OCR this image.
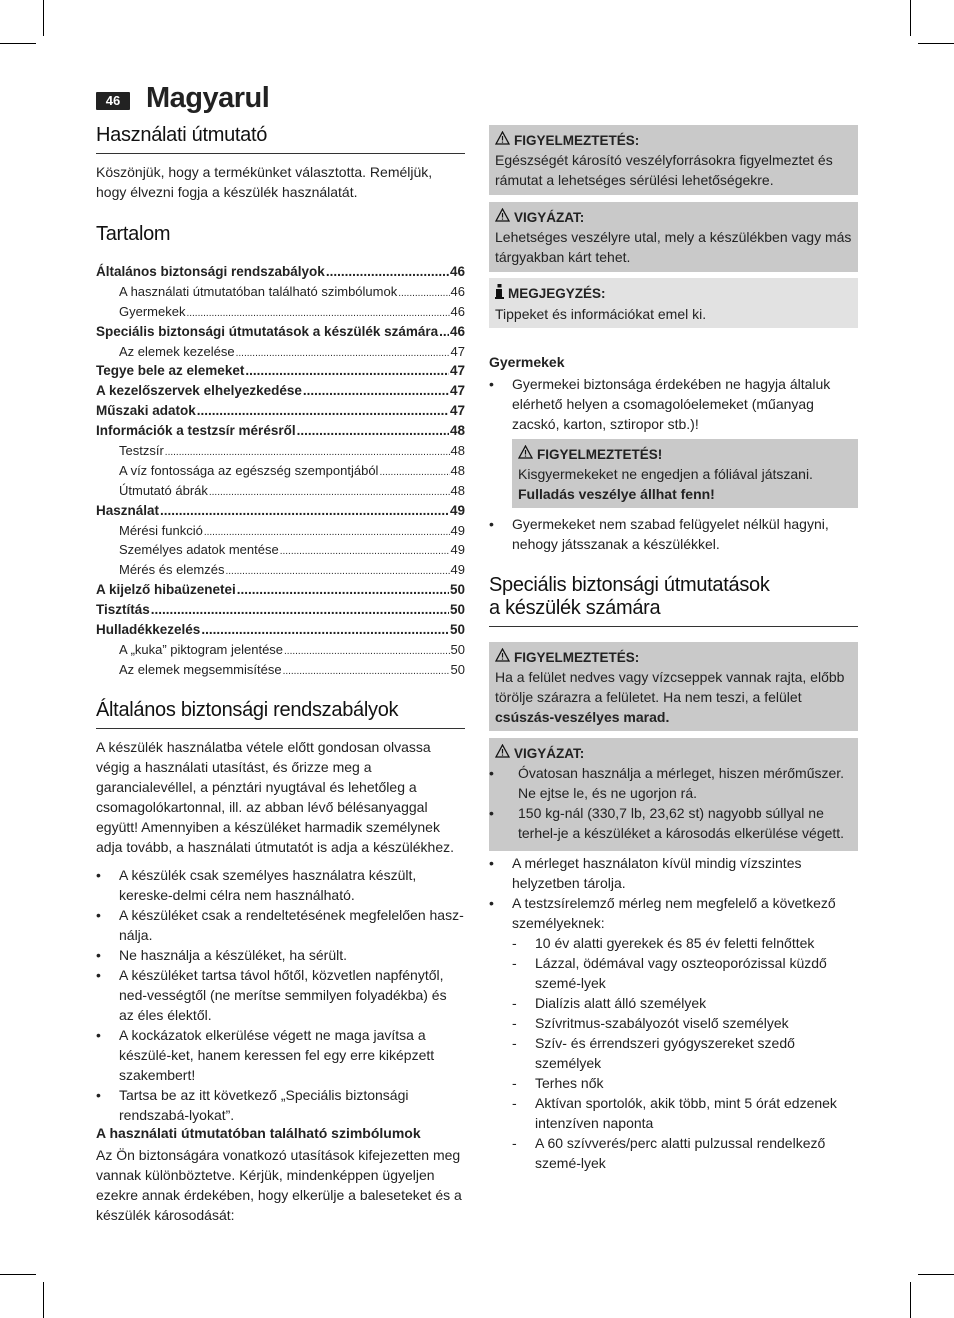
46 Magyarul
Használati útmutató

Köszönjük, hogy a termékünket választotta. Reméljük, hogy élvezni fogja a készülék használatát.

Tartalom
Általános biztonsági rendszabályok .....	46
A használati útmutatóban található szimbólumok .....	46
Gyermekek .....	46
Speciális biztonsági útmutatások a készülék számára ..... 46
Az elemek kezelése .....	47
Tegye bele az elemeket .....	47
A kezelőszervek elhelyezkedése .....	47
Műszaki adatok .....	47
Információk a testzsír mérésről .....	48
Testzsír .....	48
A víz fontossága az egészség szempontjából .....	48
Útmutató ábrák .....	48
Használat .....	49
Mérési funkció .....	49
Személyes adatok mentése .....	49
Mérés és elemzés .....	49
A kijelző hibaüzenetei .....	50
Tisztítás .....	50
Hulladékkezelés .....	50
A „kuka” piktogram jelentése .....	50
Az elemek megsemmisítése .....	50
Általános biztonsági rendszabályok

A készülék használatba vétele előtt gondosan olvassa végig a használati utasítást, és őrizze meg a garancialevéllel, a pénztári nyugtával és lehetőleg a csomagolókartonnal, ill. az abban lévő bélésanyaggal együtt! Amennyiben a készüléket harmadik személynek adja tovább, a használati útmutatót is adja a készülékhez.

• A készülék csak személyes használatra készült, kereske-delmi célra nem használható.
• A készüléket csak a rendeltetésének megfelelően hasz-nálja.
• Ne használja a készüléket, ha sérült.
• A készüléket tartsa távol hőtől, közvetlen napfénytől, ned-vességtől (ne merítse semmilyen folyadékba) és az éles élektől.
• A kockázatok elkerülése végett ne maga javítsa a készülé-ket, hanem keressen fel egy erre kiképzett szakembert!
• Tartsa be az itt következő „Speciális biztonsági rendszabá-lyokat”.
A használati útmutatóban található szimbólumok

Az Ön biztonságára vonatkozó utasítások kifejezetten meg vannak különböztetve. Kérjük, mindenképpen ügyeljen ezekre annak érdekében, hogy elkerülje a baleseteket és a készülék károsodását:

FIGYELMEZTETÉS:

Egészségét károsító veszélyforrásokra figyelmeztet és rámutat a lehetséges sérülési lehetőségekre.

VIGYÁZAT:

Lehetséges veszélyre utal, mely a készülékben vagy más tárgyakban kárt tehet.

MEGJEGYZÉS:

Tippeket és információkat emel ki.

Gyermekek
• Gyermekei biztonsága érdekében ne hagyja általuk elérhető helyen a csomagolóelemeket (műanyag zacskó, karton, sztiropor stb.)!
FIGYELMEZTETÉS!

Kisgyermekeket ne engedjen a fóliával játszani.

Fulladás veszélye állhat fenn!

• Gyermekeket nem szabad felügyelet nélkül hagyni, nehogy játsszanak a készülékkel.
Speciális biztonsági útmutatások
a készülék számára
FIGYELMEZTETÉS:

Ha a felület nedves vagy vízcseppek vannak rajta, előbb törölje szárazra a felületet. Ha nem teszi, a felület csúszás-veszélyes marad.

VIGYÁZAT:
• Óvatosan használja a mérleget, hiszen mérőműszer. Ne ejtse le, és ne ugorjon rá.
• 150 kg-nál (330,7 lb, 23,62 st) nagyobb súllyal ne terhel-je a készüléket a károsodás elkerülése végett.
• A mérleget használaton kívül mindig vízszintes helyzetben tárolja.
• A testzsírelemző mérleg nem megfelelő a következő személyeknek:
- 10 év alatti gyerekek és 85 év feletti felnőttek
- Lázzal, ödémával vagy oszteoporózissal küzdő szemé-lyek
- Dialízis alatt álló személyek
- Szívritmus-szabályozót viselő személyek
- Szív- és érrendszeri gyógyszereket szedő személyek
- Terhes nők
- Aktívan sportolók, akik több, mint 5 órát edzenek intenzíven naponta
- A 60 szívverés/perc alatti pulzussal rendelkező szemé-lyek
